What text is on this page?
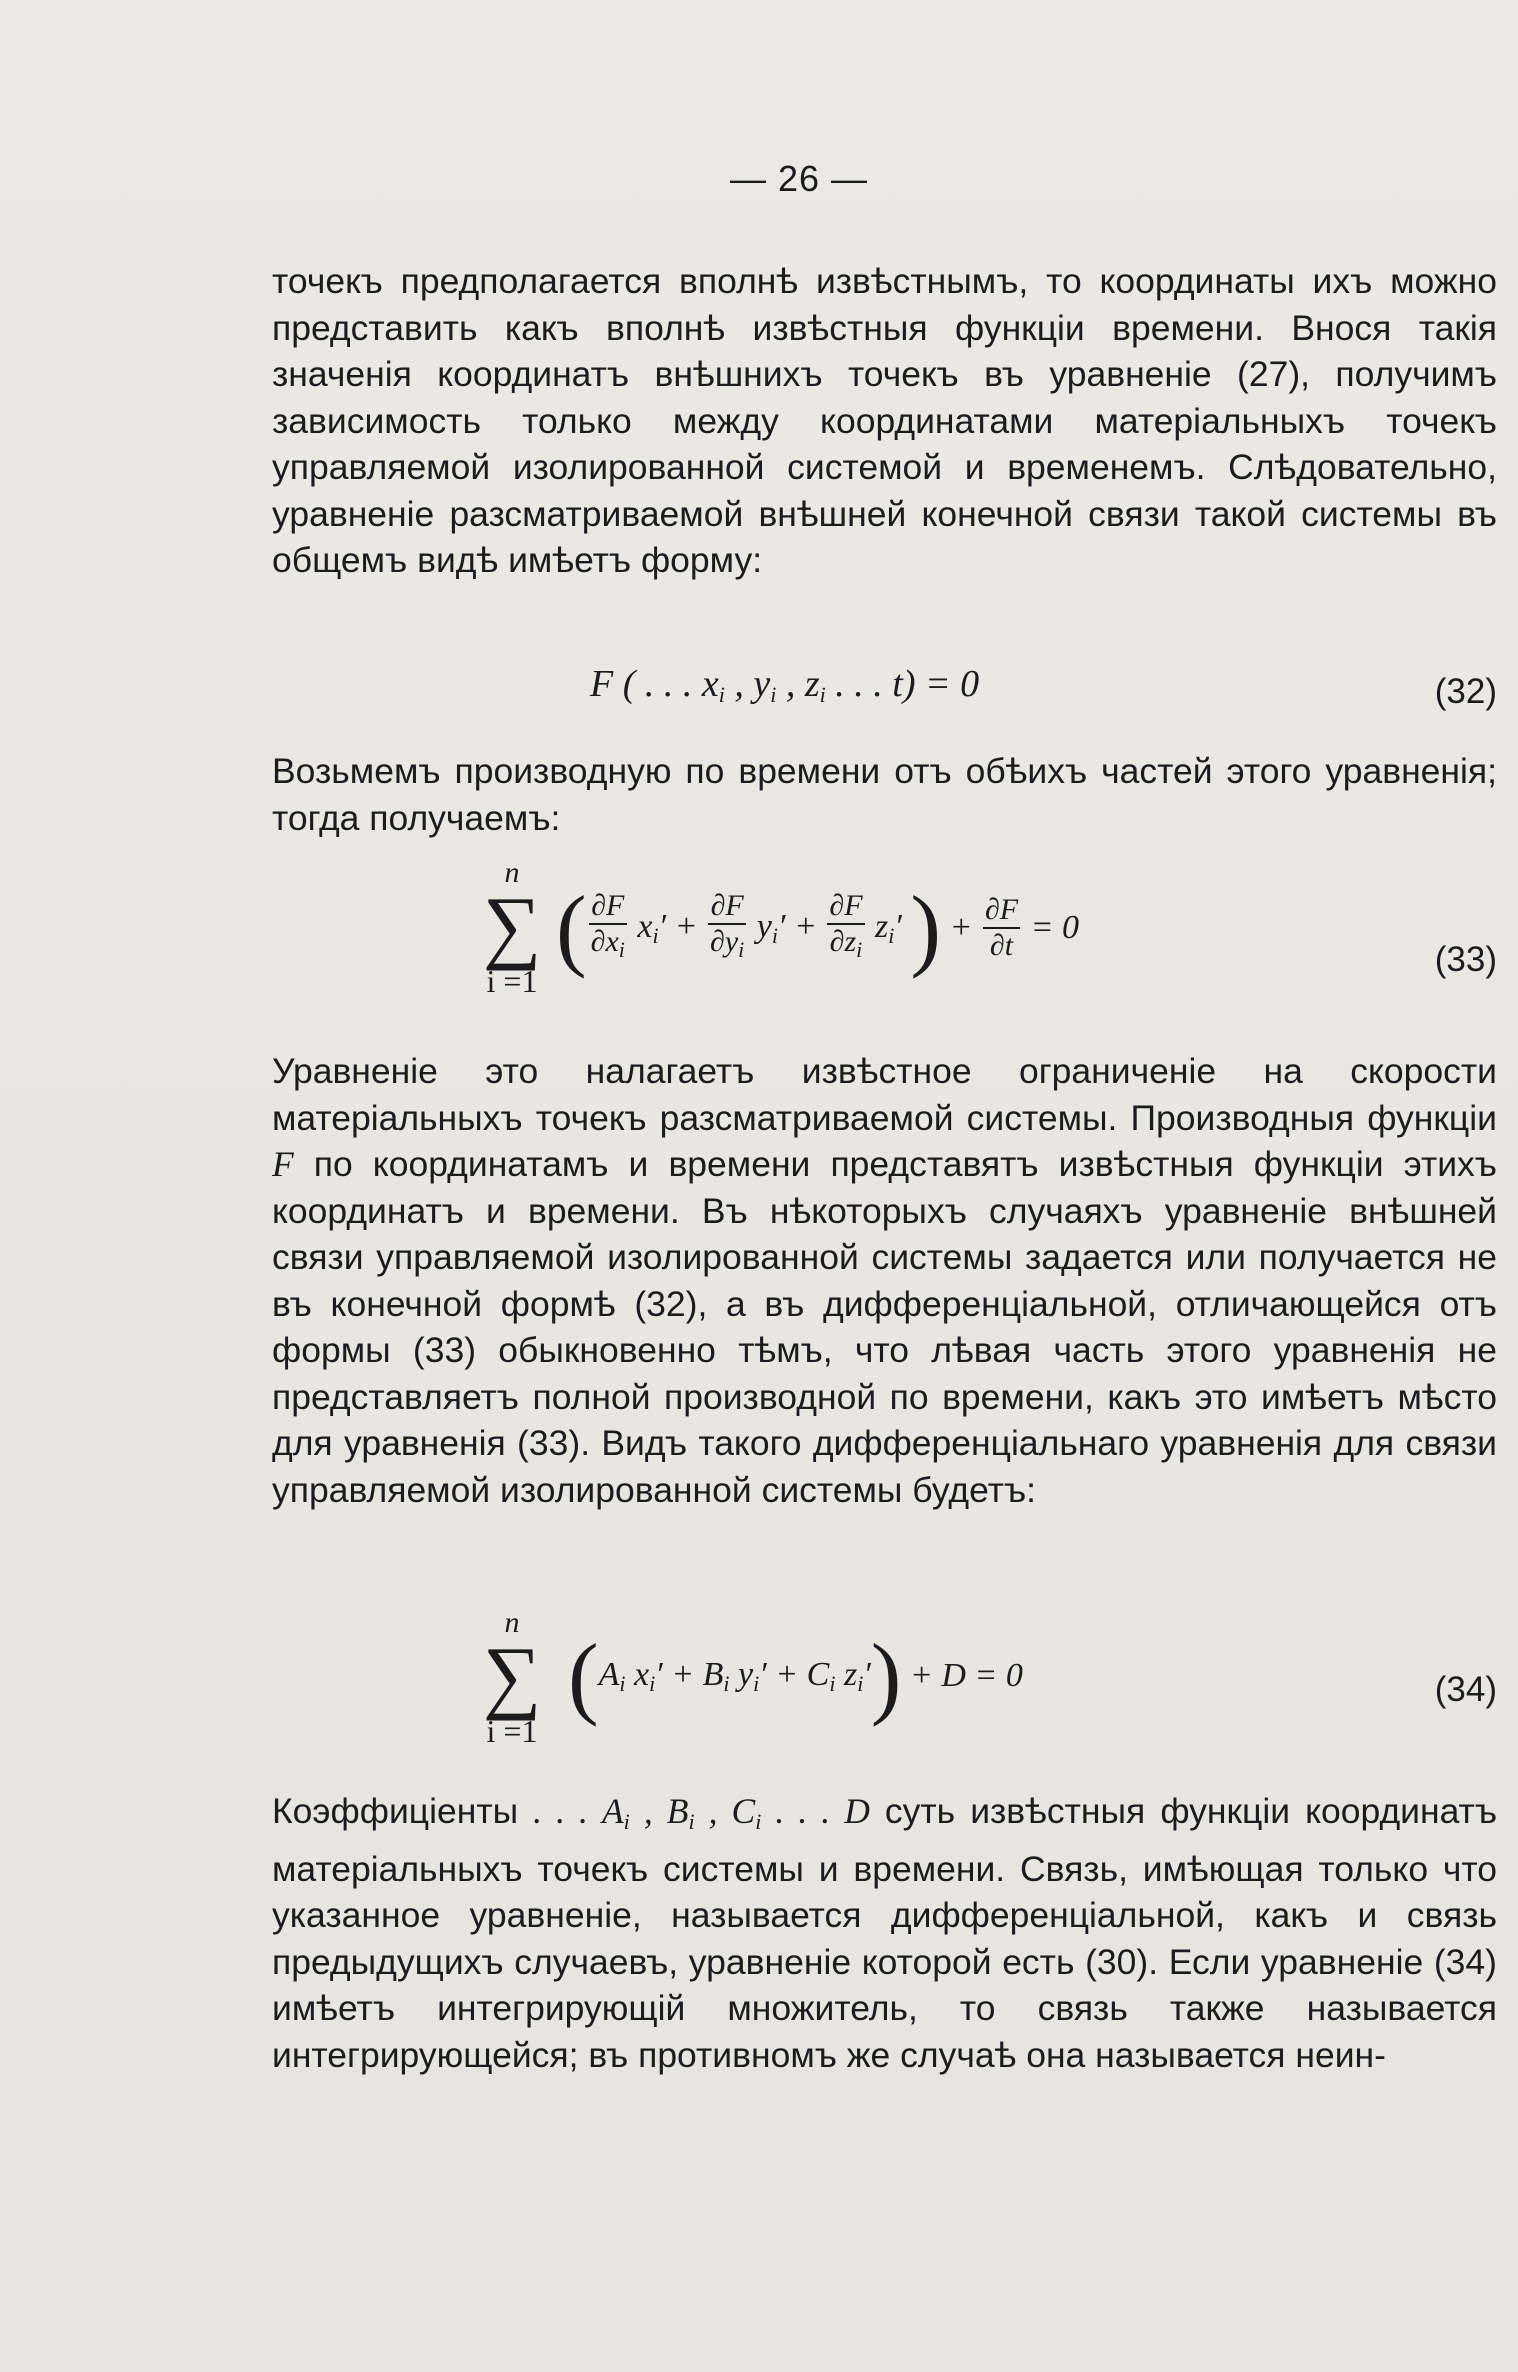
— 26 —
точекъ предполагается вполнѣ извѣстнымъ, то координаты ихъ можно представить какъ вполнѣ извѣстныя функціи времени. Внося такія значенія координатъ внѣшнихъ точекъ въ уравненіе (27), получимъ зависимость только между координатами матеріальныхъ точекъ управляемой изолированной системой и временемъ. Слѣдовательно, уравненіе разсматриваемой внѣшней конечной связи такой системы въ общемъ видѣ имѣетъ форму:
F ( . . . $x_i$ , $y_i$ , $z_i$ . . . t) = 0	(32)
Возьмемъ производную по времени отъ обѣихъ частей этого уравненія; тогда получаемъ:
n
∑
i =1
( $\frac{\partial F}{\partial x_i} x_i' + \frac{\partial F}{\partial y_i} y_i' + \frac{\partial F}{\partial z_i} z_i'$ ) + $\frac{\partial F}{\partial t} = 0$
(33)
Уравненіе это налагаетъ извѣстное ограниченіе на скорости матеріальныхъ точекъ разсматриваемой системы. Производныя функціи F по координатамъ и времени представятъ извѣстныя функціи этихъ координатъ и времени. Въ нѣкоторыхъ случаяхъ уравненіе внѣшней связи управляемой изолированной системы задается или получается не въ конечной формѣ (32), а въ дифференціальной, отличающейся отъ формы (33) обыкновенно тѣмъ, что лѣвая часть этого уравненія не представляетъ полной производной по времени, какъ это имѣетъ мѣсто для уравненія (33). Видъ такого дифференціальнаго уравненія для связи управляемой изолированной системы будетъ:
n
∑
i =1
($A_i$ $x_i' + B_i$ $y_i' + C_i$ $z_i') + D = 0$	(34)
Коэффиціенты . . . $A_i$ , $B_i$ , $C_i$ . . . D суть извѣстныя функціи координатъ матеріальныхъ точекъ системы и времени. Связь, имѣющая только что указанное уравненіе, называется дифференціальной, какъ и связь предыдущихъ случаевъ, уравненіе которой есть (30). Если уравненіе (34) имѣетъ интегрирующій множитель, то связь также называется интегрирующейся; въ противномъ же случаѣ она называется неин-
